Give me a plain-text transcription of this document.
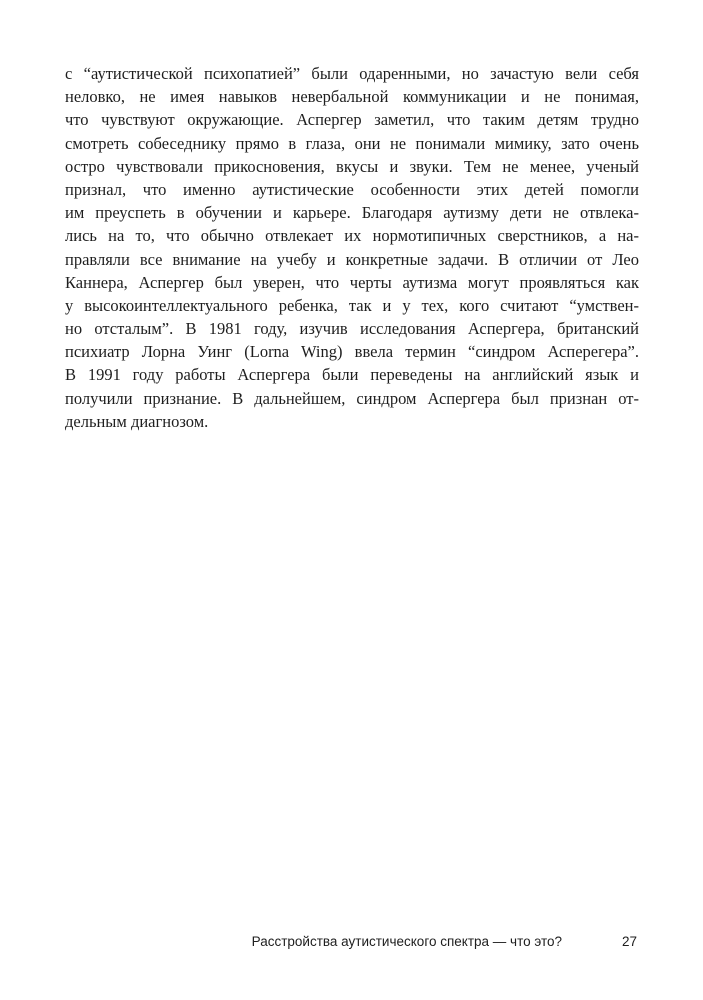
с “аутистической психопатией” были одаренными, но зачастую вели себя
неловко, не имея навыков невербальной коммуникации и не понимая,
что чувствуют окружающие. Аспергер заметил, что таким детям трудно
смотреть собеседнику прямо в глаза, они не понимали мимику, зато очень
остро чувствовали прикосновения, вкусы и звуки. Тем не менее, ученый
признал, что именно аутистические особенности этих детей помогли
им преуспеть в обучении и карьере. Благодаря аутизму дети не отвлека-
лись на то, что обычно отвлекает их нормотипичных сверстников, а на-
правляли все внимание на учебу и конкретные задачи. В отличии от Лео
Каннера, Аспергер был уверен, что черты аутизма могут проявляться как
у высокоинтеллектуального ребенка, так и у тех, кого считают “умствен-
но отсталым”. В 1981 году, изучив исследования Аспергера, британский
психиатр Лорна Уинг (Lorna Wing) ввела термин “синдром Асперегера”.
В 1991 году работы Аспергера были переведены на английский язык и
получили признание. В дальнейшем, синдром Аспергера был признан от-
дельным диагнозом.
Расстройства аутистического спектра — что это?	27
